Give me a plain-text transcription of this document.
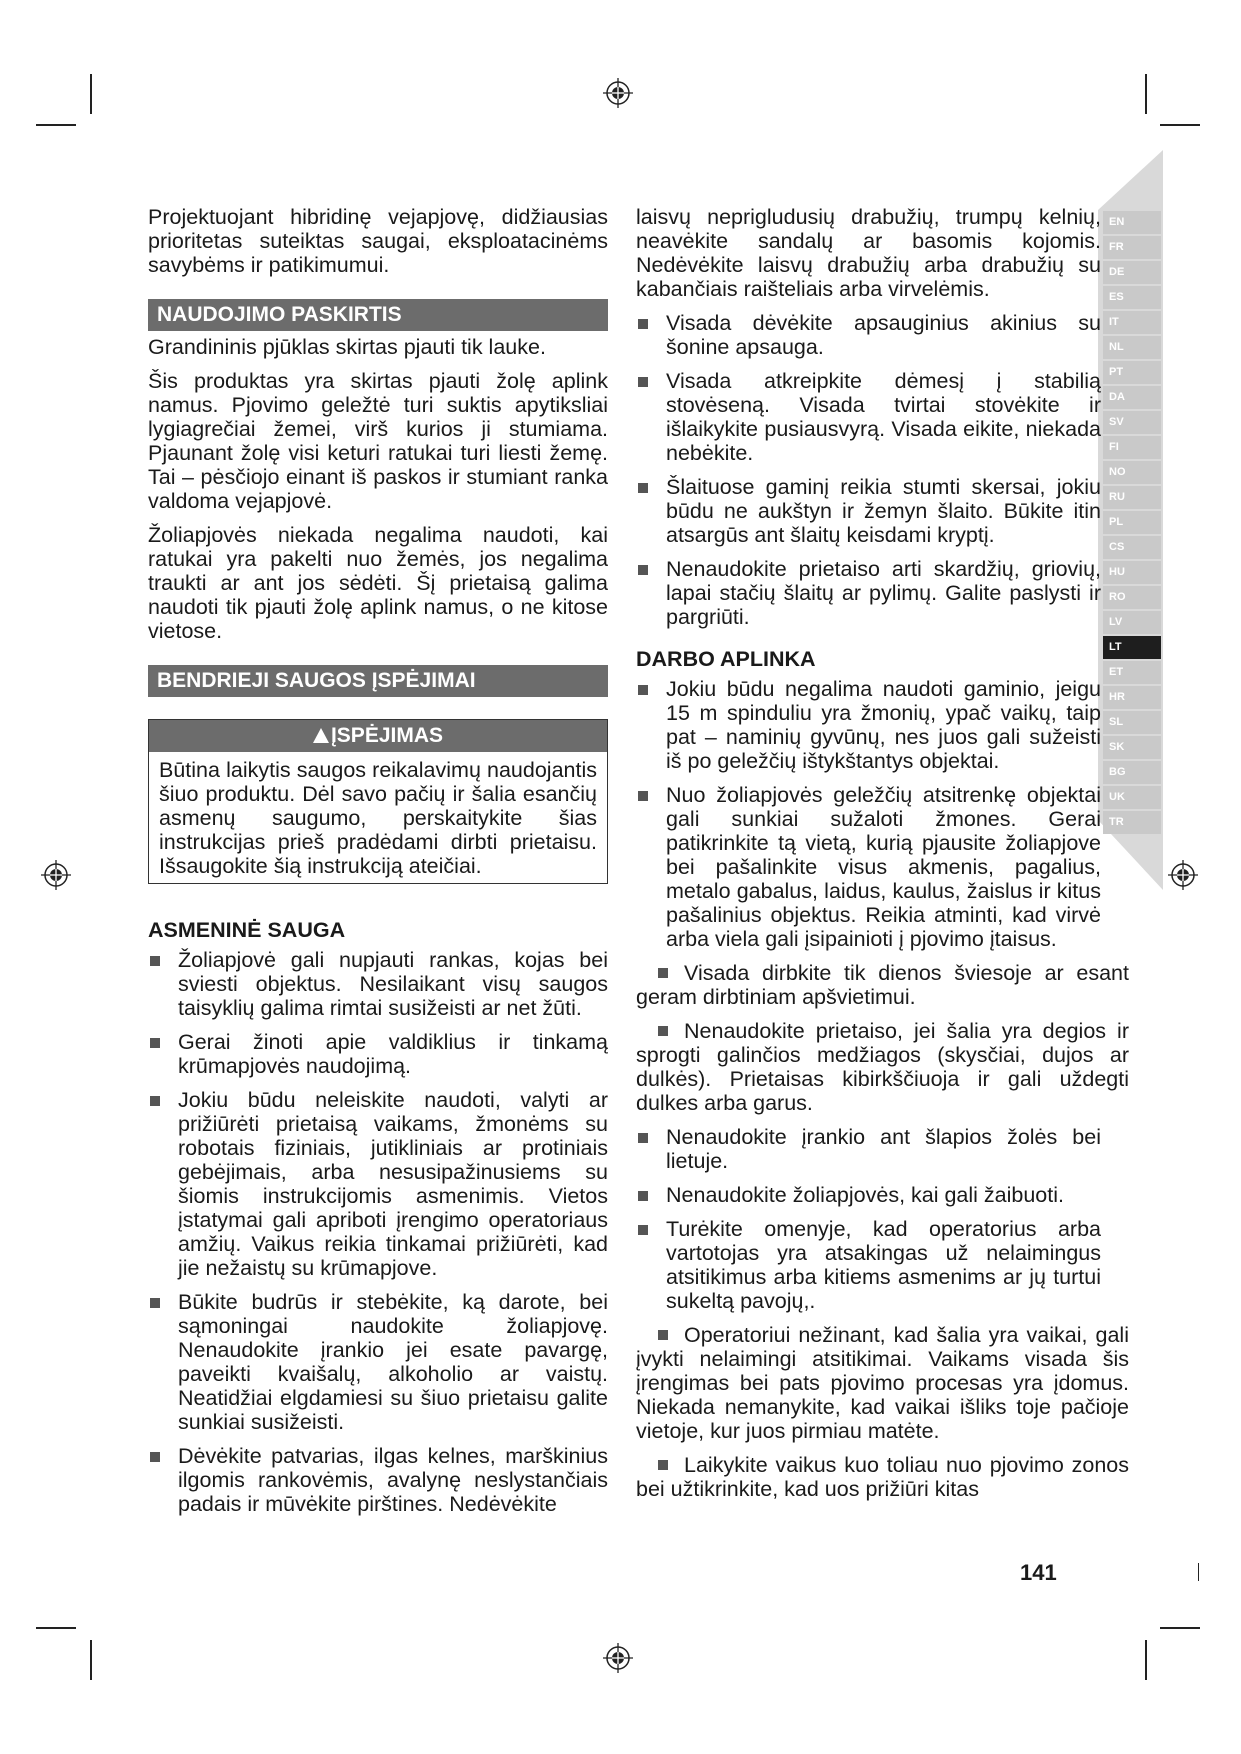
EN
FR
DE
ES
IT
NL
PT
DA
SV
FI
NO
RU
PL
CS
HU
RO
LV
LT
ET
HR
SL
SK
BG
UK
TR

Projektuojant hibridinę vejapjovę, didžiausias prioritetas suteiktas saugai, eksploatacinėms savybėms ir patikimumui.

NAUDOJIMO PASKIRTIS

Grandininis pjūklas skirtas pjauti tik lauke.

Šis produktas yra skirtas pjauti žolę aplink namus. Pjovimo geležtė turi suktis apytiksliai lygiagrečiai žemei, virš kurios ji stumiama. Pjaunant žolę visi keturi ratukai turi liesti žemę. Tai – pėsčiojo einant iš paskos ir stumiant ranka valdoma vejapjovė.

Žoliapjovės niekada negalima naudoti, kai ratukai yra pakelti nuo žemės, jos negalima traukti ar ant jos sėdėti. Šį prietaisą galima naudoti tik pjauti žolę aplink namus, o ne kitose vietose.

BENDRIEJI SAUGOS ĮSPĖJIMAI
ĮSPĖJIMAS
Būtina laikytis saugos reikalavimų naudojantis šiuo produktu. Dėl savo pačių ir šalia esančių asmenų saugumo, perskaitykite šias instrukcijas prieš pradėdami dirbti prietaisu. Išsaugokite šią instrukciją ateičiai.
ASMENINĖ SAUGA
Žoliapjovė gali nupjauti rankas, kojas bei sviesti objektus. Nesilaikant visų saugos taisyklių galima rimtai susižeisti ar net žūti.
Gerai žinoti apie valdiklius ir tinkamą krūmapjovės naudojimą.
Jokiu būdu neleiskite naudoti, valyti ar prižiūrėti prietaisą vaikams, žmonėms su robotais fiziniais, jutikliniais ar protiniais gebėjimais, arba nesusipažinusiems su šiomis instrukcijomis asmenimis. Vietos įstatymai gali apriboti įrengimo operatoriaus amžių. Vaikus reikia tinkamai prižiūrėti, kad jie nežaistų su krūmapjove.
Būkite budrūs ir stebėkite, ką darote, bei sąmoningai naudokite žoliapjovę. Nenaudokite įrankio jei esate pavargę, paveikti kvaišalų, alkoholio ar vaistų. Neatidžiai elgdamiesi su šiuo prietaisu galite sunkiai susižeisti.
Dėvėkite patvarias, ilgas kelnes, marškinius ilgomis rankovėmis, avalynę neslystančiais padais ir mūvėkite pirštines. Nedėvėkite

laisvų neprigludusių drabužių, trumpų kelnių, neavėkite sandalų ar basomis kojomis. Nedėvėkite laisvų drabužių arba drabužių su kabančiais raišteliais arba virvelėmis.

Visada dėvėkite apsauginius akinius su šonine apsauga.
Visada atkreipkite dėmesį į stabilią stovėseną. Visada tvirtai stovėkite ir išlaikykite pusiausvyrą. Visada eikite, niekada nebėkite.
Šlaituose gaminį reikia stumti skersai, jokiu būdu ne aukštyn ir žemyn šlaito. Būkite itin atsargūs ant šlaitų keisdami kryptį.
Nenaudokite prietaiso arti skardžių, griovių, lapai stačių šlaitų ar pylimų. Galite paslysti ir pargriūti.
DARBO APLINKA
Jokiu būdu negalima naudoti gaminio, jeigu 15 m spinduliu yra žmonių, ypač vaikų, taip pat – naminių gyvūnų, nes juos gali sužeisti iš po geležčių ištykštantys objektai.
Nuo žoliapjovės geležčių atsitrenkę objektai gali sunkiai sužaloti žmones. Gerai patikrinkite tą vietą, kurią pjausite žoliapjove bei pašalinkite visus akmenis, pagalius, metalo gabalus, laidus, kaulus, žaislus ir kitus pašalinius objektus. Reikia atminti, kad virvė arba viela gali įsipainioti į pjovimo įtaisus.
Visada dirbkite tik dienos šviesoje ar esant geram dirbtiniam apšvietimui.
Nenaudokite prietaiso, jei šalia yra degios ir sprogti galinčios medžiagos (skysčiai, dujos ar dulkės). Prietaisas kibirkščiuoja ir gali uždegti dulkes arba garus.
Nenaudokite įrankio ant šlapios žolės bei lietuje.
Nenaudokite žoliapjovės, kai gali žaibuoti.
Turėkite omenyje, kad operatorius arba vartotojas yra atsakingas už nelaimingus atsitikimus arba kitiems asmenims ar jų turtui sukeltą pavojų,.
Operatoriui nežinant, kad šalia yra vaikai, gali įvykti nelaimingi atsitikimai. Vaikams visada šis įrengimas bei pats pjovimo procesas yra įdomus. Niekada nemanykite, kad vaikai išliks toje pačioje vietoje, kur juos pirmiau matėte.
Laikykite vaikus kuo toliau nuo pjovimo zonos bei užtikrinkite, kad uos prižiūri kitas
141
